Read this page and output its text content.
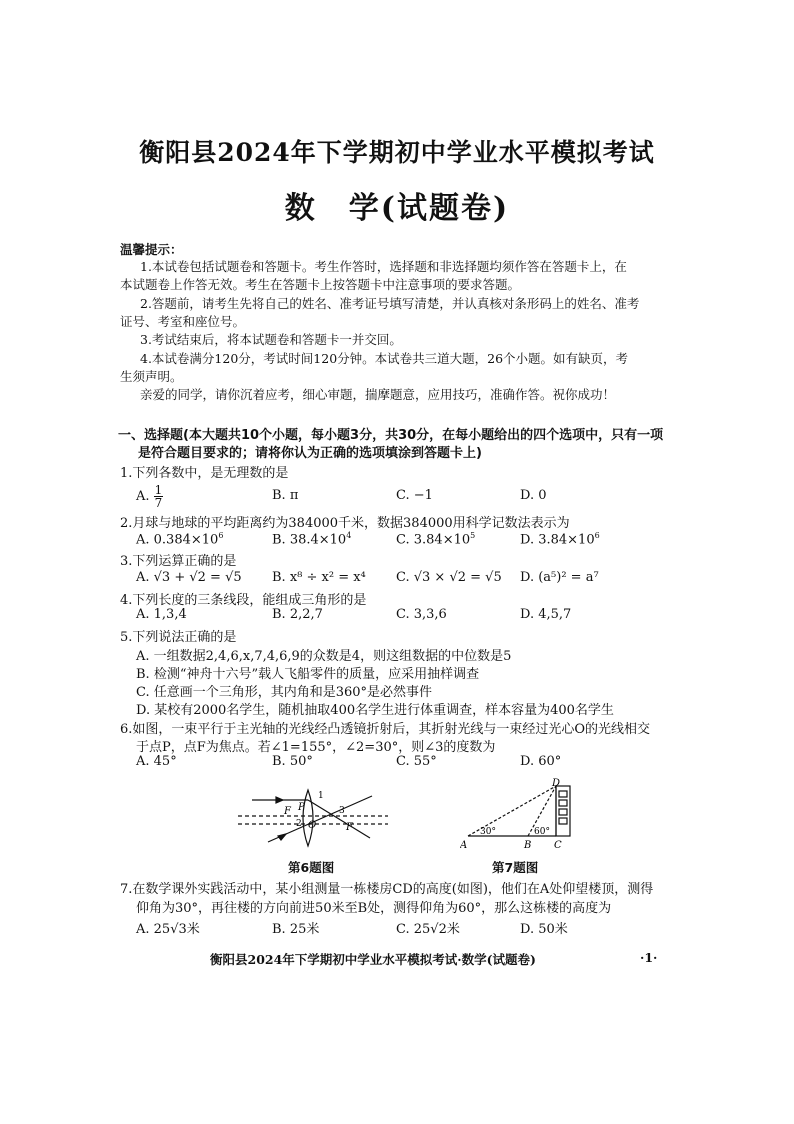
衡阳县2024年下学期初中学业水平模拟考试
数　学(试题卷)
温馨提示：
1.本试卷包括试题卷和答题卡。考生作答时，选择题和非选择题均须作答在答题卡上，在
本试题卷上作答无效。考生在答题卡上按答题卡中注意事项的要求答题。
2.答题前，请考生先将自己的姓名、准考证号填写清楚，并认真核对条形码上的姓名、准考
证号、考室和座位号。
3.考试结束后，将本试题卷和答题卡一并交回。
4.本试卷满分120分，考试时间120分钟。本试卷共三道大题，26个小题。如有缺页，考
生须声明。
亲爱的同学，请你沉着应考，细心审题，揣摩题意，应用技巧，准确作答。祝你成功！
一、选择题(本大题共10个小题，每小题3分，共30分，在每小题给出的四个选项中，只有一项
是符合题目要求的；请将你认为正确的选项填涂到答题卡上)
1.下列各数中，是无理数的是
A. $\frac{1}{7}$	B. π	C. −1	D. 0
2.月球与地球的平均距离约为384000千米，数据384000用科学记数法表示为
A. $0.384\times 10^6$	B. $38.4\times 10^4$	C. $3.84\times 10^5$	D. $3.84\times 10^6$
3.下列运算正确的是
A. √3 + √2 = √5 B. x⁸ ÷ x² = x⁴ C. √3 × √2 = √5 D. (a⁵)² = a⁷
4.下列长度的三条线段，能组成三角形的是
A. 1,3,4	B. 2,2,7	C. 3,3,6	D. 4,5,7
5.下列说法正确的是
A. 一组数据2,4,6,x,7,4,6,9的众数是4，则这组数据的中位数是5
B. 检测“神舟十六号”载人飞船零件的质量，应采用抽样调查
C. 任意画一个三角形，其内角和是360°是必然事件
D. 某校有2000名学生，随机抽取400名学生进行体重调查，样本容量为400名学生
6.如图，一束平行于主光轴的光线经凸透镜折射后，其折射光线与一束经过光心O的光线相交
于点P，点F为焦点。若∠1=155°，∠2=30°，则∠3的度数为
A. 45°	B. 50°	C. 55°	D. 60°
P
O
2
1
3
F
F
第6题图
A	B C
D
30°	60°
第7题图
7.在数学课外实践活动中，某小组测量一栋楼房CD的高度(如图)，他们在A处仰望楼顶，测得
仰角为30°，再往楼的方向前进50米至B处，测得仰角为60°，那么这栋楼的高度为
A. 25√3米	B. 25米	C. 25√2米	D. 50米
衡阳县2024年下学期初中学业水平模拟考试·数学(试题卷)	·1·
